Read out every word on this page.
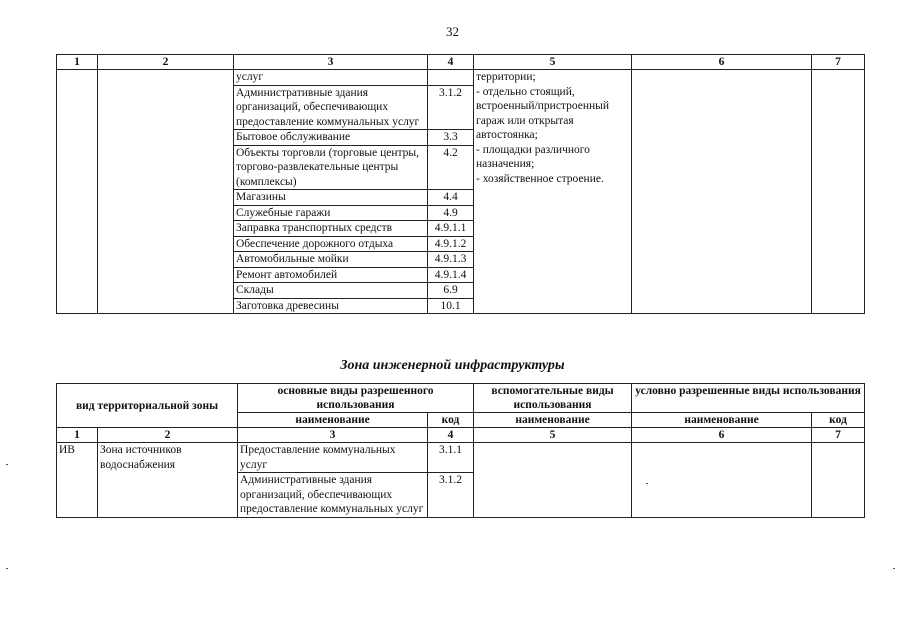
32
1	2	3	4	5	6	7
		услуг		территории;
- отдельно стоящий, встроенный/пристроенный гараж или открытая автостоянка;
- площадки различного назначения;
- хозяйственное строение.		

		Административные здания организаций, обеспечивающих предоставление коммунальных услуг	3.1.2			
		Бытовое обслуживание	3.3			
		Объекты торговли (торговые центры, торгово-развлекательные центры (комплексы)	4.2			
		Магазины	4.4			
		Служебные гаражи	4.9			
		Заправка транспортных средств	4.9.1.1			
		Обеспечение дорожного отдыха	4.9.1.2			
		Автомобильные мойки	4.9.1.3			
		Ремонт автомобилей	4.9.1.4			
		Склады	6.9			
		Заготовка древесины	10.1			
Зона инженерной инфраструктуры
вид территориальной зоны		основные виды разрешенного использования		вспомогательные виды использования	условно разрешенные виды использования	
		наименование	код	наименование	наименование	код
1	2	3	4	5	6	7
ИВ	Зона источников водоснабжения	Предоставление коммунальных услуг	3.1.1			
		Административные здания организаций, обеспечивающих предоставление коммунальных услуг	3.1.2			
